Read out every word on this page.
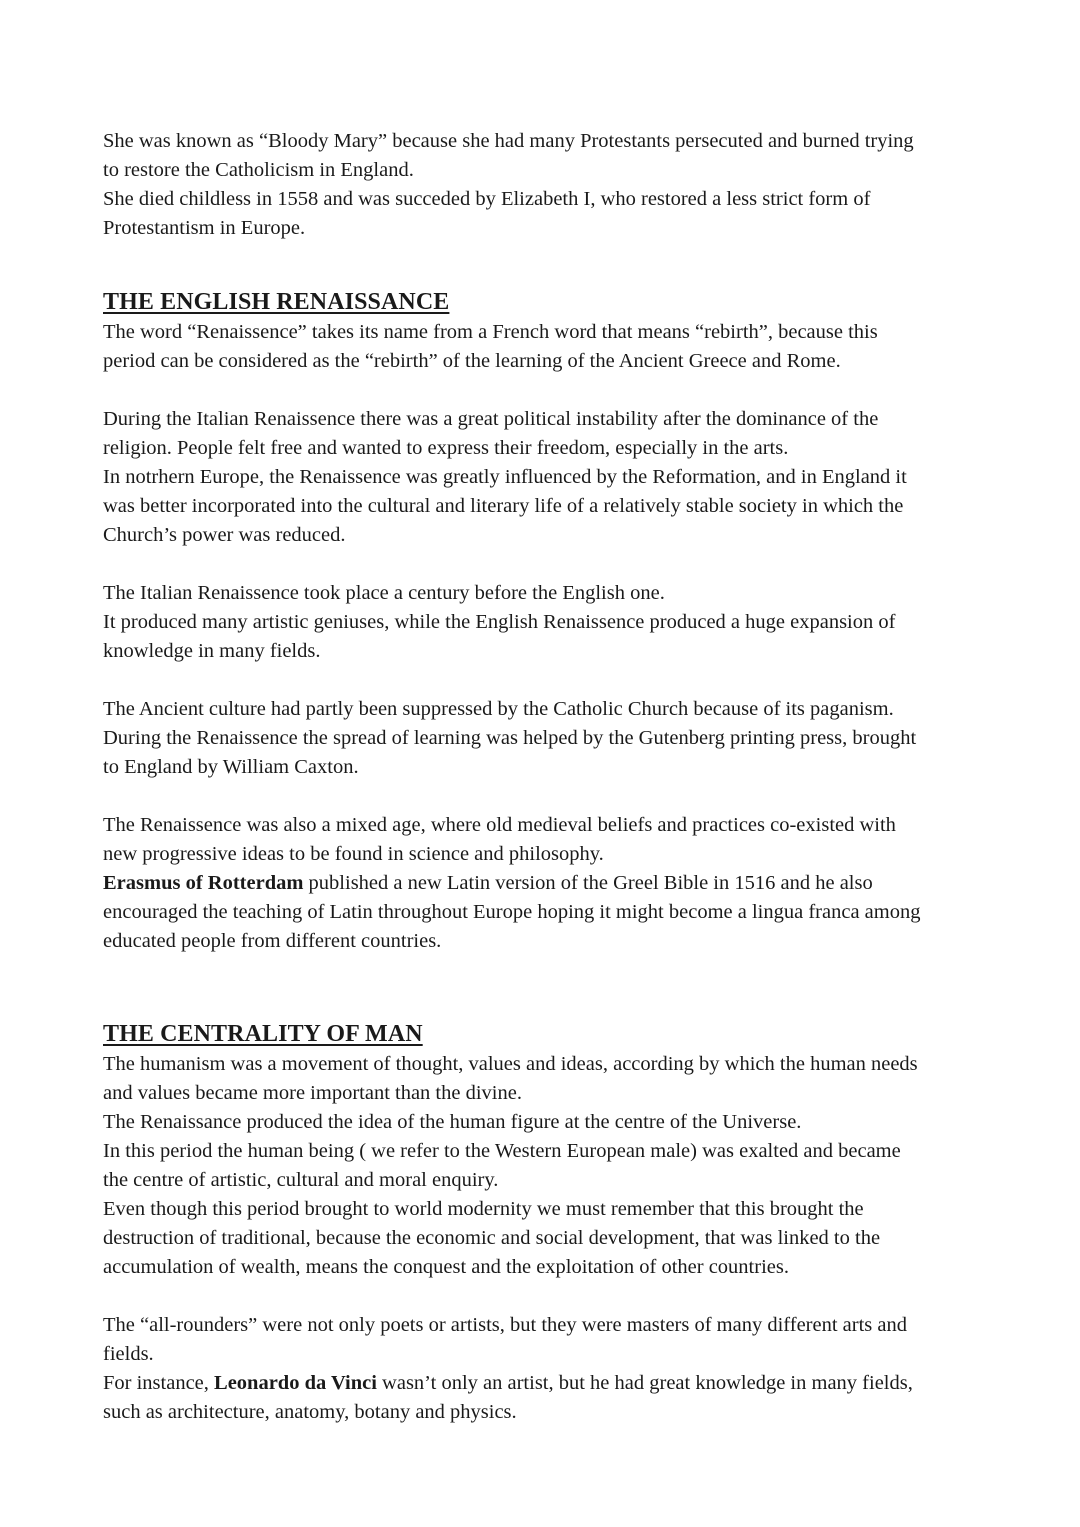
She was known as “Bloody Mary” because she had many Protestants persecuted and burned trying
to restore the Catholicism in England.

She died childless in 1558 and was succeded by Elizabeth I, who restored a less strict form of
Protestantism in Europe.

THE ENGLISH RENAISSANCE

The word “Renaissence” takes its name from a French word that means “rebirth”, because this
period can be considered as the “rebirth” of the learning of the Ancient Greece and Rome.

During the Italian Renaissence there was a great political instability after the dominance of the
religion. People felt free and wanted to express their freedom, especially in the arts.

In notrhern Europe, the Renaissence was greatly influenced by the Reformation, and in England it
was better incorporated into the cultural and literary life of a relatively stable society in which the
Church’s power was reduced.

The Italian Renaissence took place a century before the English one.

It produced many artistic geniuses, while the English Renaissence produced a huge expansion of
knowledge in many fields.

The Ancient culture had partly been suppressed by the Catholic Church because of its paganism.

During the Renaissence the spread of learning was helped by the Gutenberg printing press, brought
to England by William Caxton.

The Renaissence was also a mixed age, where old medieval beliefs and practices co-existed with
new progressive ideas to be found in science and philosophy.

Erasmus of Rotterdam published a new Latin version of the Greel Bible in 1516 and he also
encouraged the teaching of Latin throughout Europe hoping it might become a lingua franca among
educated people from different countries.

THE CENTRALITY OF MAN

The humanism was a movement of thought, values and ideas, according by which the human needs
and values became more important than the divine.

The Renaissance produced the idea of the human figure at the centre of the Universe.

In this period the human being ( we refer to the Western European male) was exalted and became
the centre of artistic, cultural and moral enquiry.

Even though this period brought to world modernity we must remember that this brought the
destruction of traditional, because the economic and social development, that was linked to the
accumulation of wealth, means the conquest and the exploitation of other countries.

The “all-rounders” were not only poets or artists, but they were masters of many different arts and
fields.

For instance, Leonardo da Vinci wasn’t only an artist, but he had great knowledge in many fields,
such as architecture, anatomy, botany and physics.
